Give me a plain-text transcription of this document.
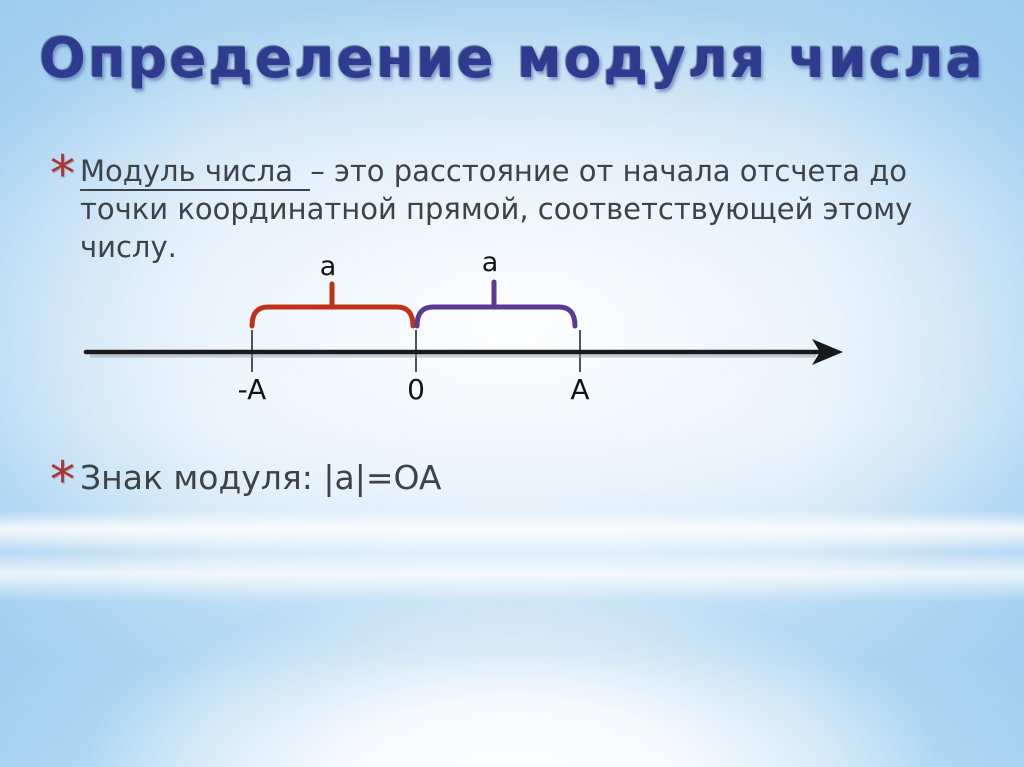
Определение модуля числа
* Модуль числа – это расстояние от начала отсчета до точки координатной прямой, соответствующей этому числу.

a	a
-A	0	A
* Знак модуля: |a|=OA
